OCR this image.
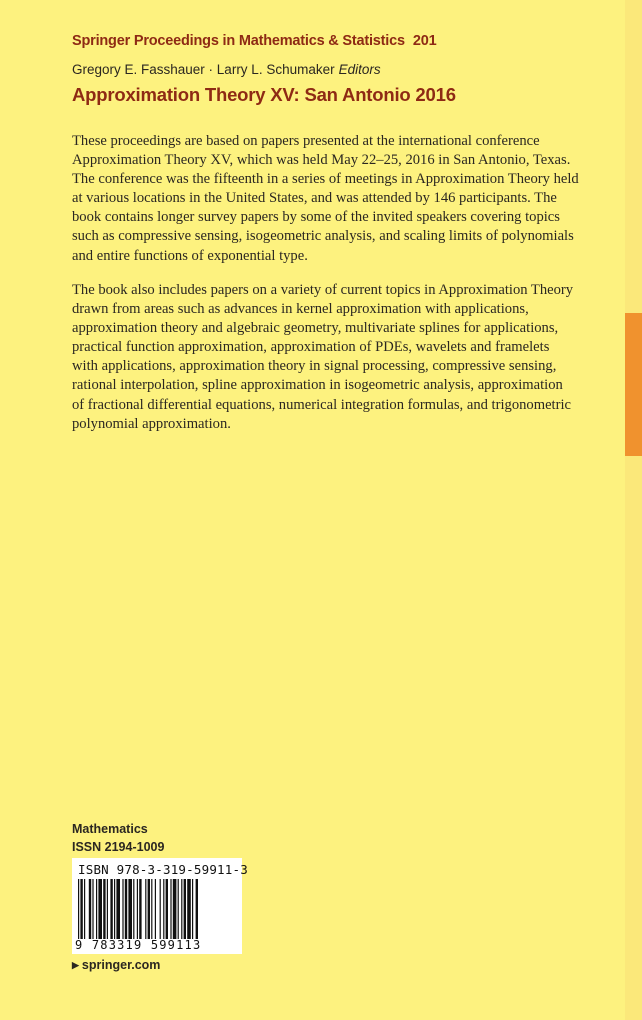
Springer Proceedings in Mathematics & Statistics 201
Gregory E. Fasshauer · Larry L. Schumaker Editors
Approximation Theory XV: San Antonio 2016

These proceedings are based on papers presented at the international conference
Approximation Theory XV, which was held May 22–25, 2016 in San Antonio, Texas.
The conference was the fifteenth in a series of meetings in Approximation Theory held
at various locations in the United States, and was attended by 146 participants. The
book contains longer survey papers by some of the invited speakers covering topics
such as compressive sensing, isogeometric analysis, and scaling limits of polynomials
and entire functions of exponential type.

The book also includes papers on a variety of current topics in Approximation Theory
drawn from areas such as advances in kernel approximation with applications,
approximation theory and algebraic geometry, multivariate splines for applications,
practical function approximation, approximation of PDEs, wavelets and framelets
with applications, approximation theory in signal processing, compressive sensing,
rational interpolation, spline approximation in isogeometric analysis, approximation
of fractional differential equations, numerical integration formulas, and trigonometric
polynomial approximation.

Mathematics
ISSN 2194-1009
ISBN 978-3-319-59911-3
9 783319 599113
▶ springer.com
